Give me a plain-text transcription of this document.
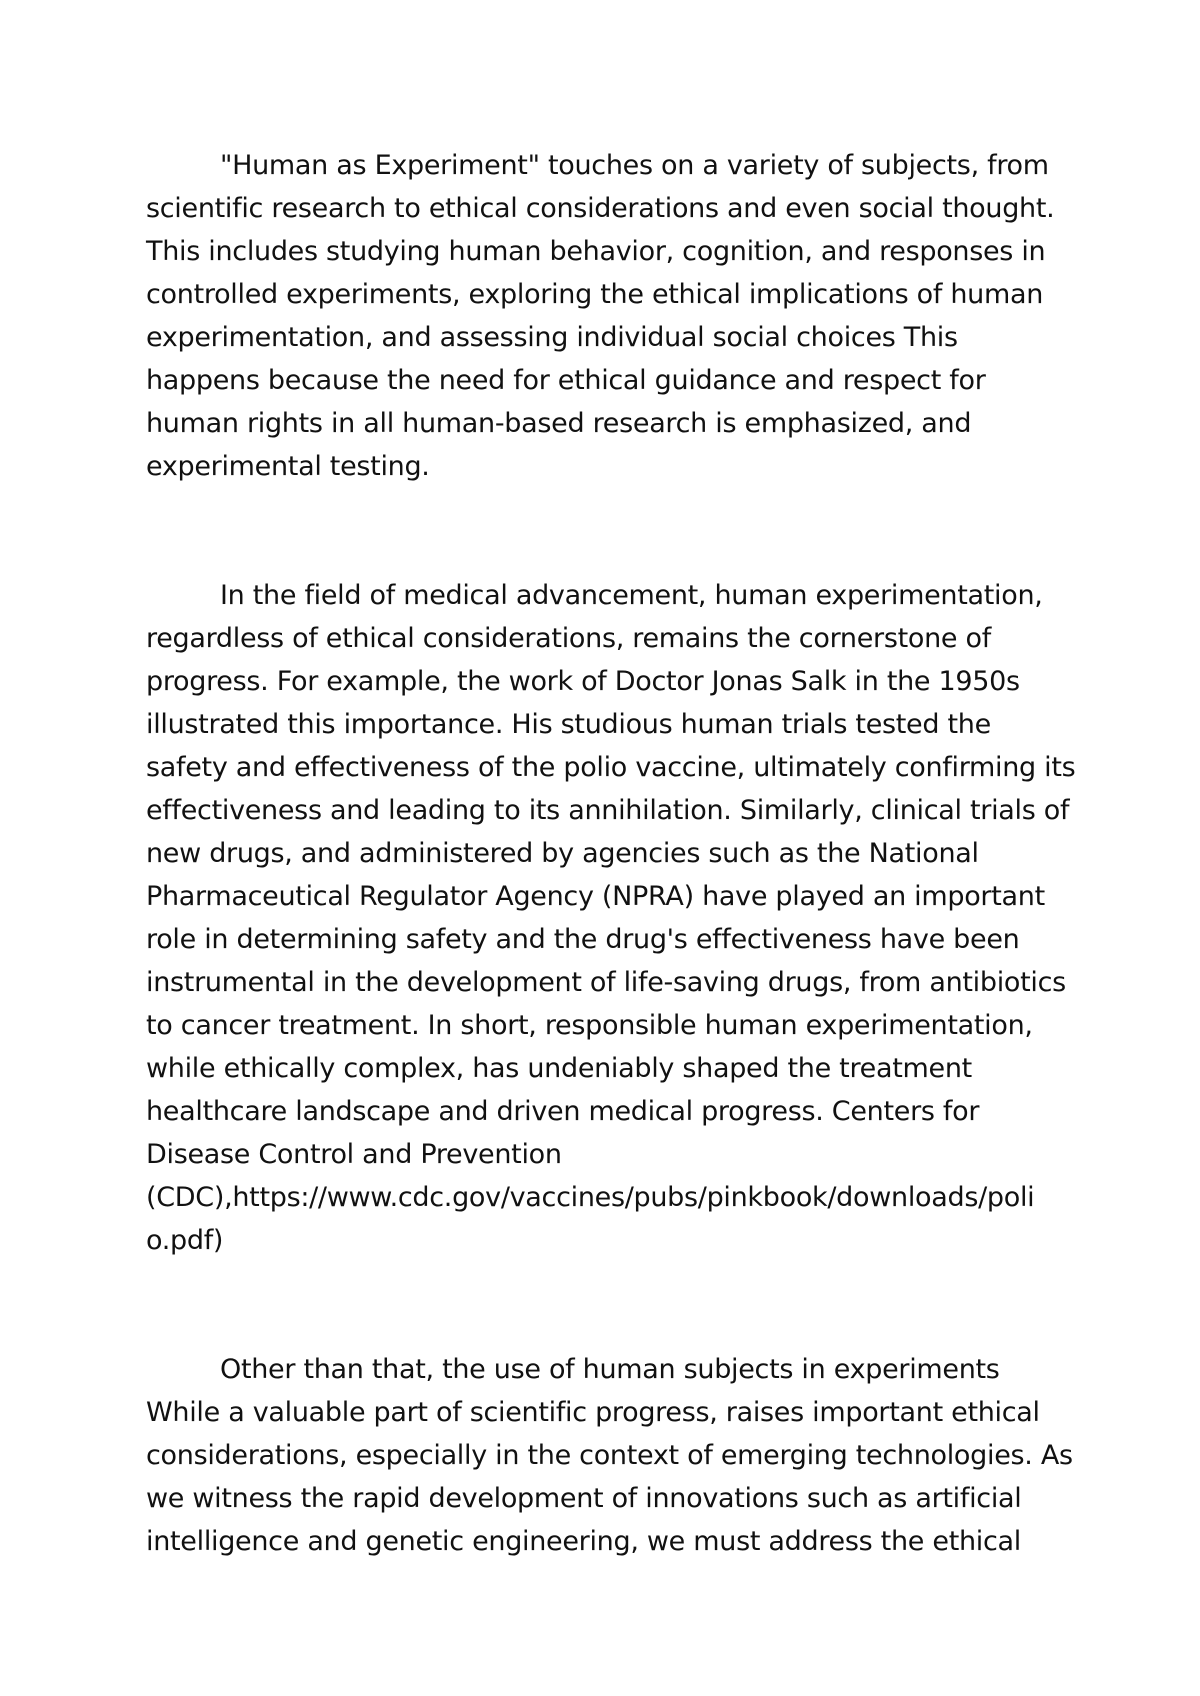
"Human as Experiment" touches on a variety of subjects, from
scientific research to ethical considerations and even social thought.
This includes studying human behavior, cognition, and responses in
controlled experiments, exploring the ethical implications of human
experimentation, and assessing individual social choices This
happens because the need for ethical guidance and respect for
human rights in all human-based research is emphasized, and
experimental testing.
In the field of medical advancement, human experimentation,
regardless of ethical considerations, remains the cornerstone of
progress. For example, the work of Doctor Jonas Salk in the 1950s
illustrated this importance. His studious human trials tested the
safety and effectiveness of the polio vaccine, ultimately confirming its
effectiveness and leading to its annihilation. Similarly, clinical trials of
new drugs, and administered by agencies such as the National
Pharmaceutical Regulator Agency (NPRA) have played an important
role in determining safety and the drug's effectiveness have been
instrumental in the development of life-saving drugs, from antibiotics
to cancer treatment. In short, responsible human experimentation,
while ethically complex, has undeniably shaped the treatment
healthcare landscape and driven medical progress. Centers for
Disease Control and Prevention
(CDC),https://www.cdc.gov/vaccines/pubs/pinkbook/downloads/poli
o.pdf)
Other than that, the use of human subjects in experiments
While a valuable part of scientific progress, raises important ethical
considerations, especially in the context of emerging technologies. As
we witness the rapid development of innovations such as artificial
intelligence and genetic engineering, we must address the ethical
